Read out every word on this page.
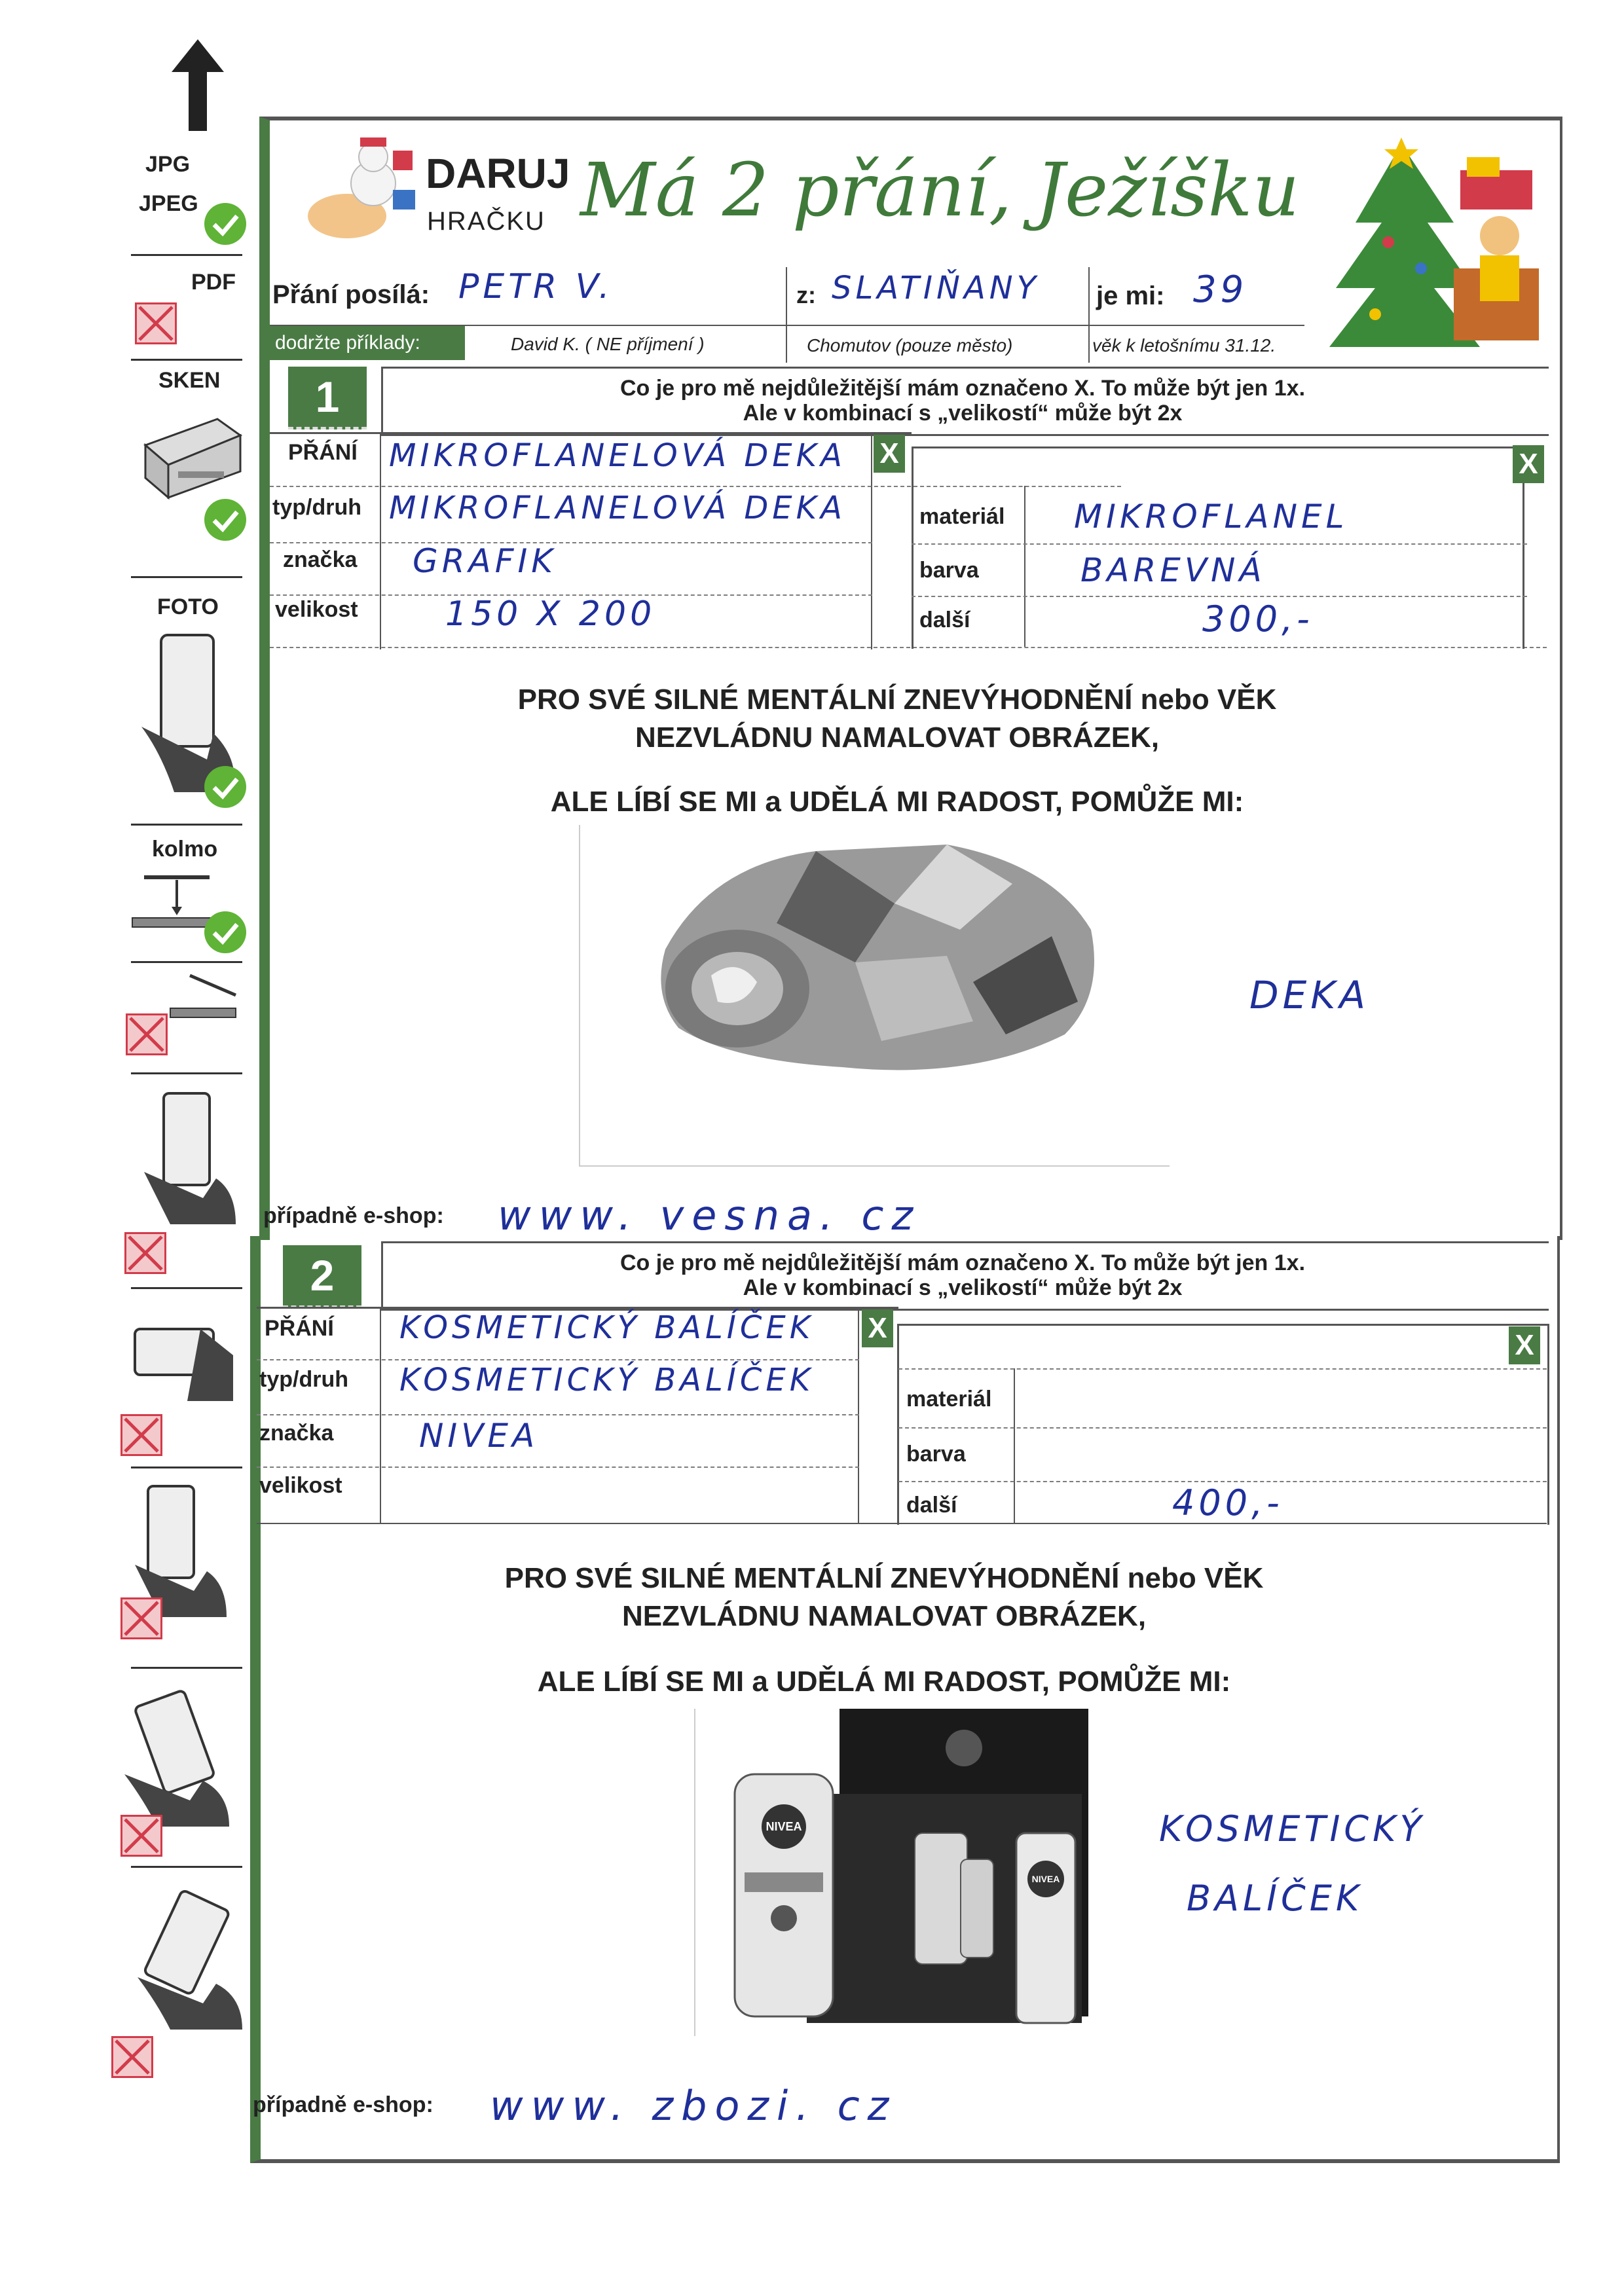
JPG
JPEG
PDF
SKEN
FOTO
kolmo
DARUJ
HRAČKU Má 2 přání, Ježíšku
Přání posílá: PETR V.	z: SLATIŇANY je mi: 39
dodržte příklady:	David K. ( NE příjmení )	Chomutov (pouze město)	věk k letošnímu 31.12.
1	Co je pro mě nejdůležitější mám označeno X. To může být jen 1x.
Ale v kombinací s „velikostí“ může být 2x
PŘÁNÍ MIKROFLANELOVÁ DEKA X
typ/druh MIKROFLANELOVÁ DEKA
značka GRAFIK
velikost	150 X 200
X
materiál MIKROFLANEL
barva	BAREVNÁ
další	300,-
PRO SVÉ SILNÉ MENTÁLNÍ ZNEVÝHODNĚNÍ nebo VĚK
NEZVLÁDNU NAMALOVAT OBRÁZEK,
ALE LÍBÍ SE MI a UDĚLÁ MI RADOST, POMŮŽE MI:
DEKA
případně e-shop: www. vesna. cz
2	Co je pro mě nejdůležitější mám označeno X. To může být jen 1x.
Ale v kombinací s „velikostí“ může být 2x
PŘÁNÍ KOSMETICKÝ BALÍČEK X
typ/druh KOSMETICKÝ BALÍČEK
značka	NIVEA
velikost
X
materiál
barva
další	400,-
PRO SVÉ SILNÉ MENTÁLNÍ ZNEVÝHODNĚNÍ nebo VĚK
NEZVLÁDNU NAMALOVAT OBRÁZEK,
ALE LÍBÍ SE MI a UDĚLÁ MI RADOST, POMŮŽE MI:
NIVEA
NIVEA
KOSMETICKÝ
BALÍČEK
případně e-shop: www. zbozi. cz
